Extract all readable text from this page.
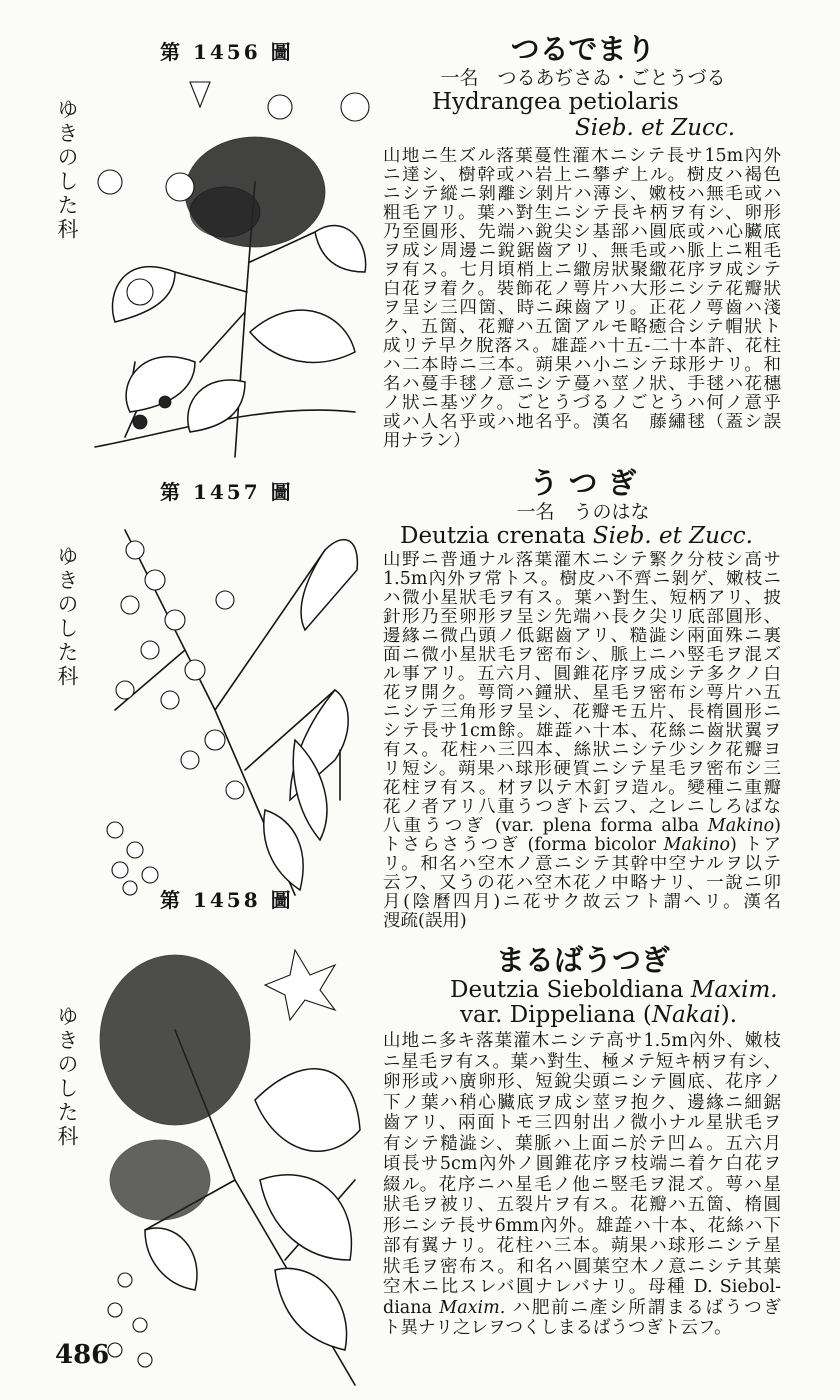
第 1456 圖
ゆきのした科
つるでまり
一名　つるあぢさゐ・ごとうづる
Hydrangea petiolaris
Sieb. et Zucc.
山地ニ生ズル落葉蔓性灌木ニシテ長サ15m內外
ニ達シ、樹幹或ハ岩上ニ攀ヂ上ル。樹皮ハ褐色
ニシテ縱ニ剝離シ剝片ハ薄シ、嫩枝ハ無毛或ハ
粗毛アリ。葉ハ對生ニシテ長キ柄ヲ有シ、卵形
乃至圓形、先端ハ銳尖シ基部ハ圓底或ハ心臟底
ヲ成シ周邊ニ銳鋸齒アリ、無毛或ハ脈上ニ粗毛
ヲ有ス。七月頃梢上ニ繖房狀聚繖花序ヲ成シテ
白花ヲ着ク。裝飾花ノ萼片ハ大形ニシテ花瓣狀
ヲ呈シ三四箇、時ニ疎齒アリ。正花ノ萼齒ハ淺
ク、五箇、花瓣ハ五箇アルモ略癒合シテ帽狀ト
成リテ早ク脫落ス。雄蕋ハ十五-二十本許、花柱
ハ二本時ニ三本。蒴果ハ小ニシテ球形ナリ。和
名ハ蔓手毬ノ意ニシテ蔓ハ莖ノ狀、手毬ハ花穗
ノ狀ニ基ヅク。ごとうづるノごとうハ何ノ意乎
或ハ人名乎或ハ地名乎。漢名　藤繡毬（蓋シ誤
用ナラン）
第 1457 圖
ゆきのした科
う つ ぎ
一名　うのはな
Deutzia crenata Sieb. et Zucc.
山野ニ普通ナル落葉灌木ニシテ繁ク分枝シ高サ
1.5m內外ヲ常トス。樹皮ハ不齊ニ剝ゲ、嫩枝ニ
ハ微小星狀毛ヲ有ス。葉ハ對生、短柄アリ、披
針形乃至卵形ヲ呈シ先端ハ長ク尖リ底部圓形、
邊緣ニ微凸頭ノ低鋸齒アリ、糙澁シ兩面殊ニ裏
面ニ微小星狀毛ヲ密布シ、脈上ニハ竪毛ヲ混ズ
ル事アリ。五六月、圓錐花序ヲ成シテ多クノ白
花ヲ開ク。萼筒ハ鐘狀、星毛ヲ密布シ萼片ハ五
ニシテ三角形ヲ呈シ、花瓣モ五片、長楕圓形ニ
シテ長サ1cm餘。雄蕋ハ十本、花絲ニ齒狀翼ヲ
有ス。花柱ハ三四本、絲狀ニシテ少シク花瓣ヨ
リ短シ。蒴果ハ球形硬質ニシテ星毛ヲ密布シ三
花柱ヲ有ス。材ヲ以テ木釘ヲ造ル。變種ニ重瓣
花ノ者アリ八重うつぎト云フ、之レニしろばな
八重うつぎ (var. plena forma alba Makino)
トさらさうつぎ (forma bicolor Makino) トア
リ。和名ハ空木ノ意ニシテ其幹中空ナルヲ以テ
云フ、又うの花ハ空木花ノ中略ナリ、一說ニ卯
月(陰曆四月)ニ花サク故云フト謂ヘリ。漢名
溲疏(誤用)
第 1458 圖
ゆきのした科
まるばうつぎ
Deutzia Sieboldiana Maxim.
var. Dippeliana (Nakai).
山地ニ多キ落葉灌木ニシテ高サ1.5m內外、嫩枝
ニ星毛ヲ有ス。葉ハ對生、極メテ短キ柄ヲ有シ、
卵形或ハ廣卵形、短銳尖頭ニシテ圓底、花序ノ
下ノ葉ハ稍心臟底ヲ成シ莖ヲ抱ク、邊緣ニ細鋸
齒アリ、兩面トモ三四射出ノ微小ナル星狀毛ヲ
有シテ糙澁シ、葉脈ハ上面ニ於テ凹ム。五六月
頃長サ5cm內外ノ圓錐花序ヲ枝端ニ着ケ白花ヲ
綴ル。花序ニハ星毛ノ他ニ竪毛ヲ混ズ。萼ハ星
狀毛ヲ被リ、五裂片ヲ有ス。花瓣ハ五箇、楕圓
形ニシテ長サ6mm內外。雄蕋ハ十本、花絲ハ下
部有翼ナリ。花柱ハ三本。蒴果ハ球形ニシテ星
狀毛ヲ密布ス。和名ハ圓葉空木ノ意ニシテ其葉
空木ニ比スレバ圓ナレバナリ。母種 D. Siebol-
diana Maxim. ハ肥前ニ產シ所謂まるばうつぎ
ト異ナリ之レヲつくしまるばうつぎト云フ。
486
